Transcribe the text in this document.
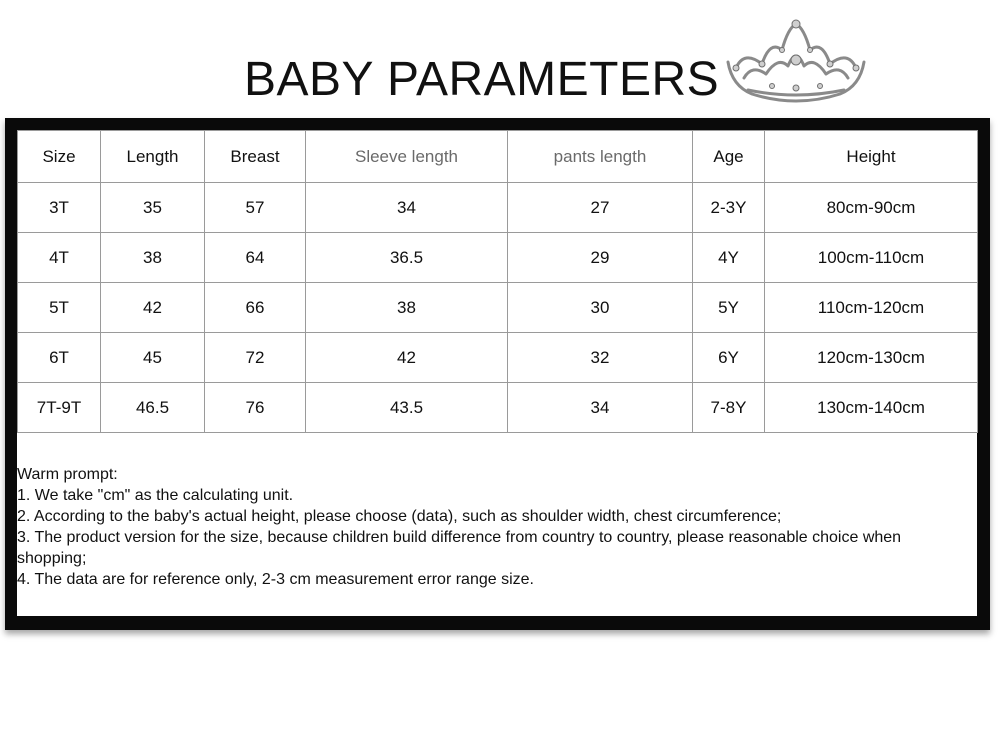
BABY PARAMETERS
Size	Length	Breast	Sleeve length	pants length	Age	Height
3T	35	57	34	27	2-3Y	80cm-90cm
4T	38	64	36.5	29	4Y	100cm-110cm
5T	42	66	38	30	5Y	110cm-120cm
6T	45	72	42	32	6Y	120cm-130cm
7T-9T	46.5	76	43.5	34	7-8Y	130cm-140cm

Warm prompt:

1. We take "cm" as the calculating unit.

2. According to the baby's actual height, please choose (data), such as shoulder width, chest circumference;

3. The product version for the size, because children build difference from country to country, please reasonable choice when shopping;

4. The data are for reference only, 2-3 cm measurement error range size.
